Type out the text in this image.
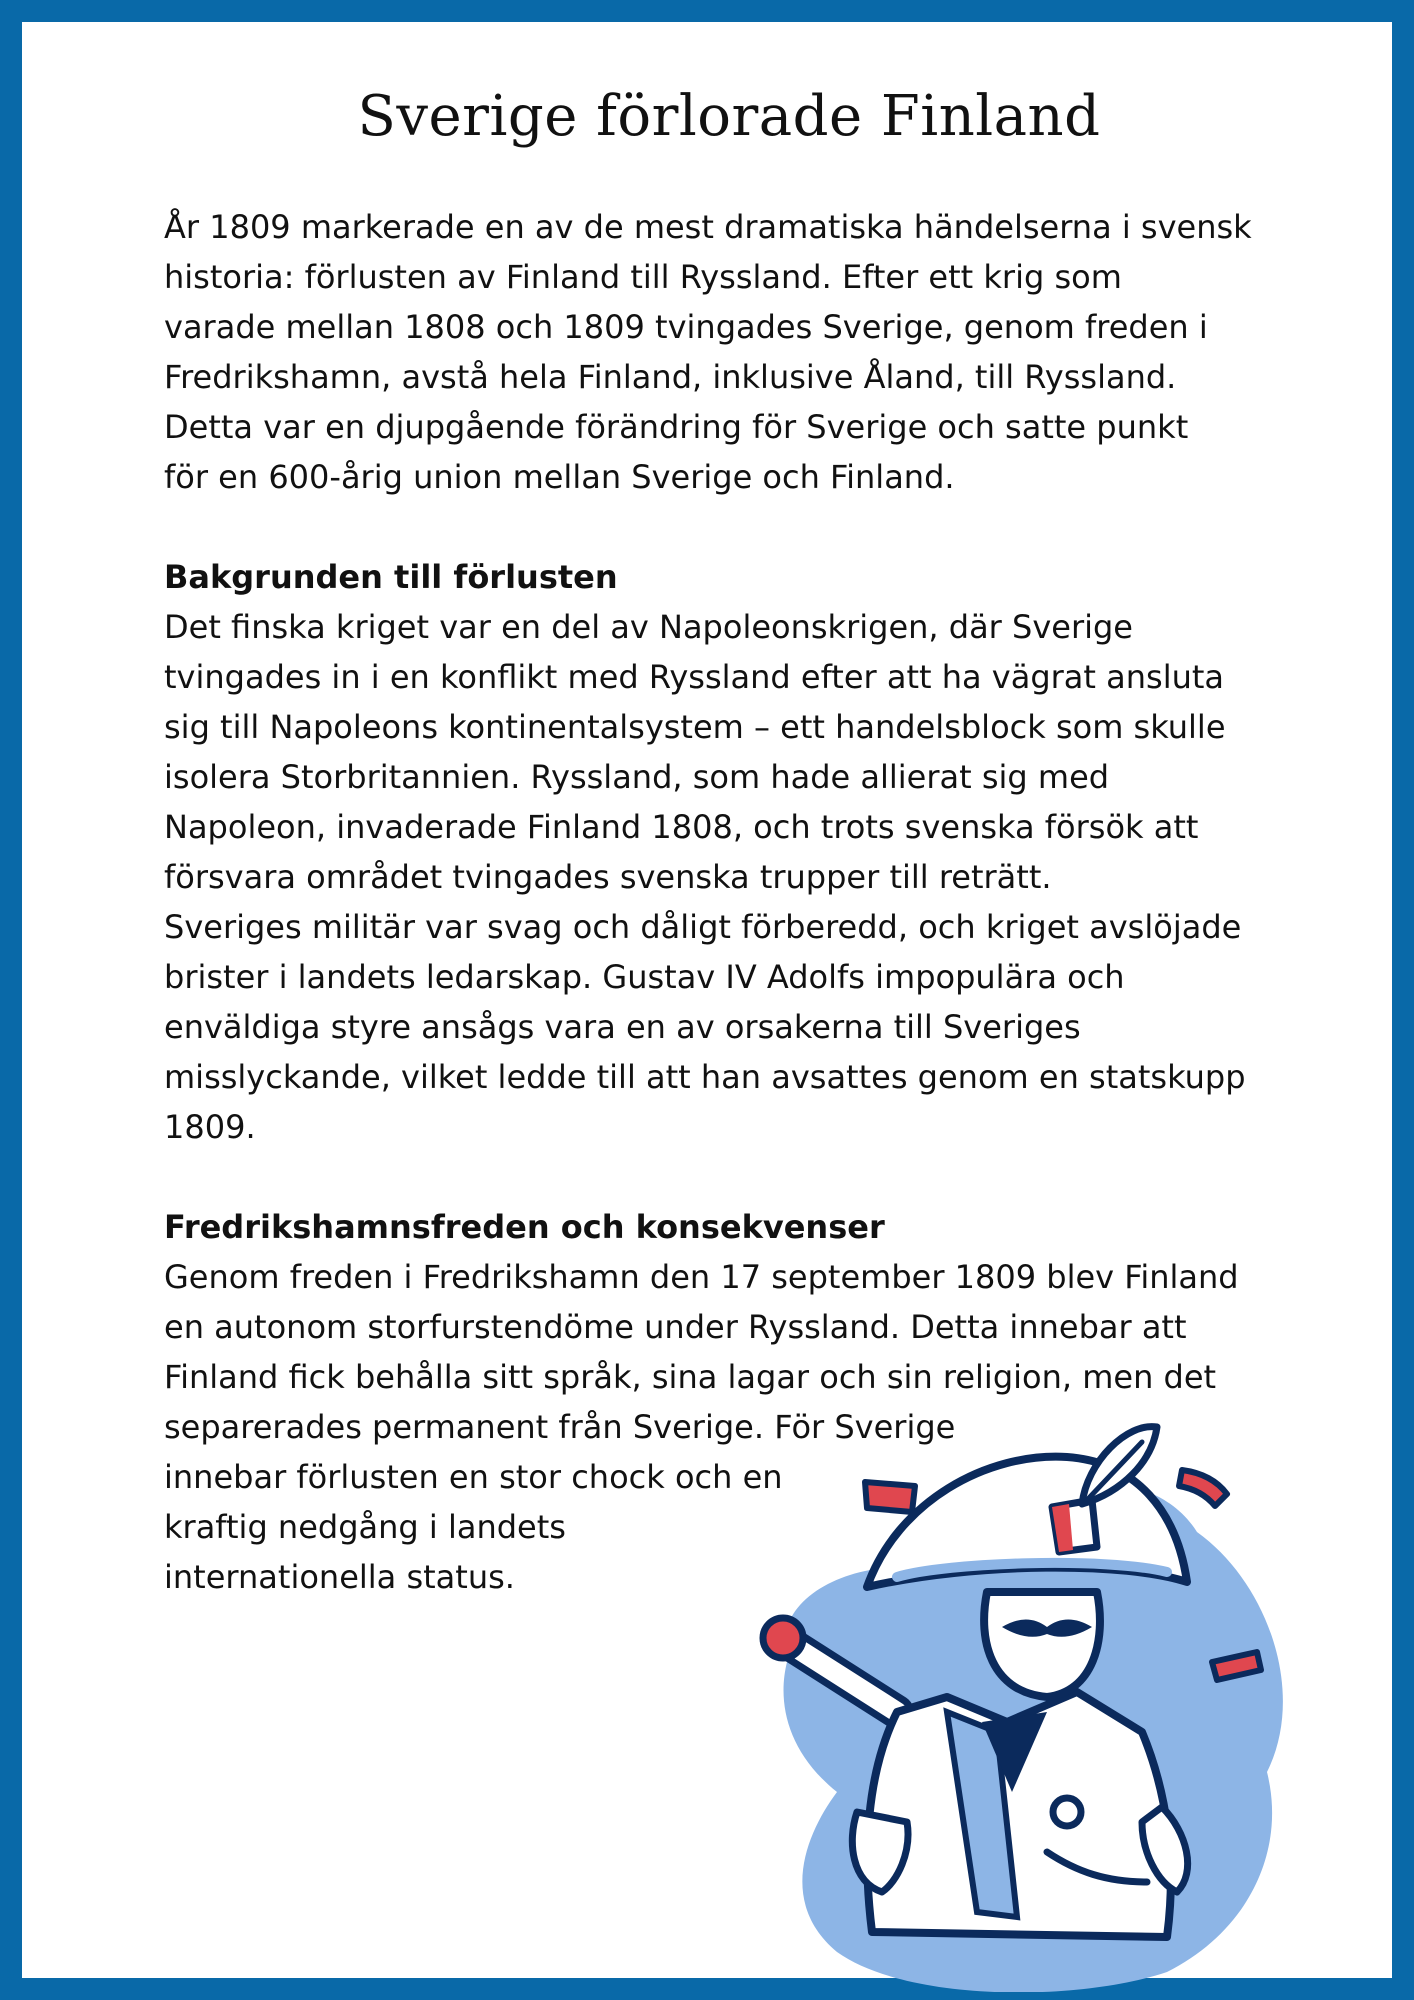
Sverige förlorade Finland

År 1809 markerade en av de mest dramatiska händelserna i svensk

historia: förlusten av Finland till Ryssland. Efter ett krig som

varade mellan 1808 och 1809 tvingades Sverige, genom freden i

Fredrikshamn, avstå hela Finland, inklusive Åland, till Ryssland.

Detta var en djupgående förändring för Sverige och satte punkt

för en 600-årig union mellan Sverige och Finland.

Bakgrunden till förlusten

Det finska kriget var en del av Napoleonskrigen, där Sverige

tvingades in i en konflikt med Ryssland efter att ha vägrat ansluta

sig till Napoleons kontinentalsystem – ett handelsblock som skulle

isolera Storbritannien. Ryssland, som hade allierat sig med

Napoleon, invaderade Finland 1808, och trots svenska försök att

försvara området tvingades svenska trupper till reträtt.

Sveriges militär var svag och dåligt förberedd, och kriget avslöjade

brister i landets ledarskap. Gustav IV Adolfs impopulära och

enväldiga styre ansågs vara en av orsakerna till Sveriges

misslyckande, vilket ledde till att han avsattes genom en statskupp

1809.

Fredrikshamnsfreden och konsekvenser

Genom freden i Fredrikshamn den 17 september 1809 blev Finland

en autonom storfurstendöme under Ryssland. Detta innebar att

Finland fick behålla sitt språk, sina lagar och sin religion, men det

separerades permanent från Sverige. För Sverige

innebar förlusten en stor chock och en

kraftig nedgång i landets

internationella status.
